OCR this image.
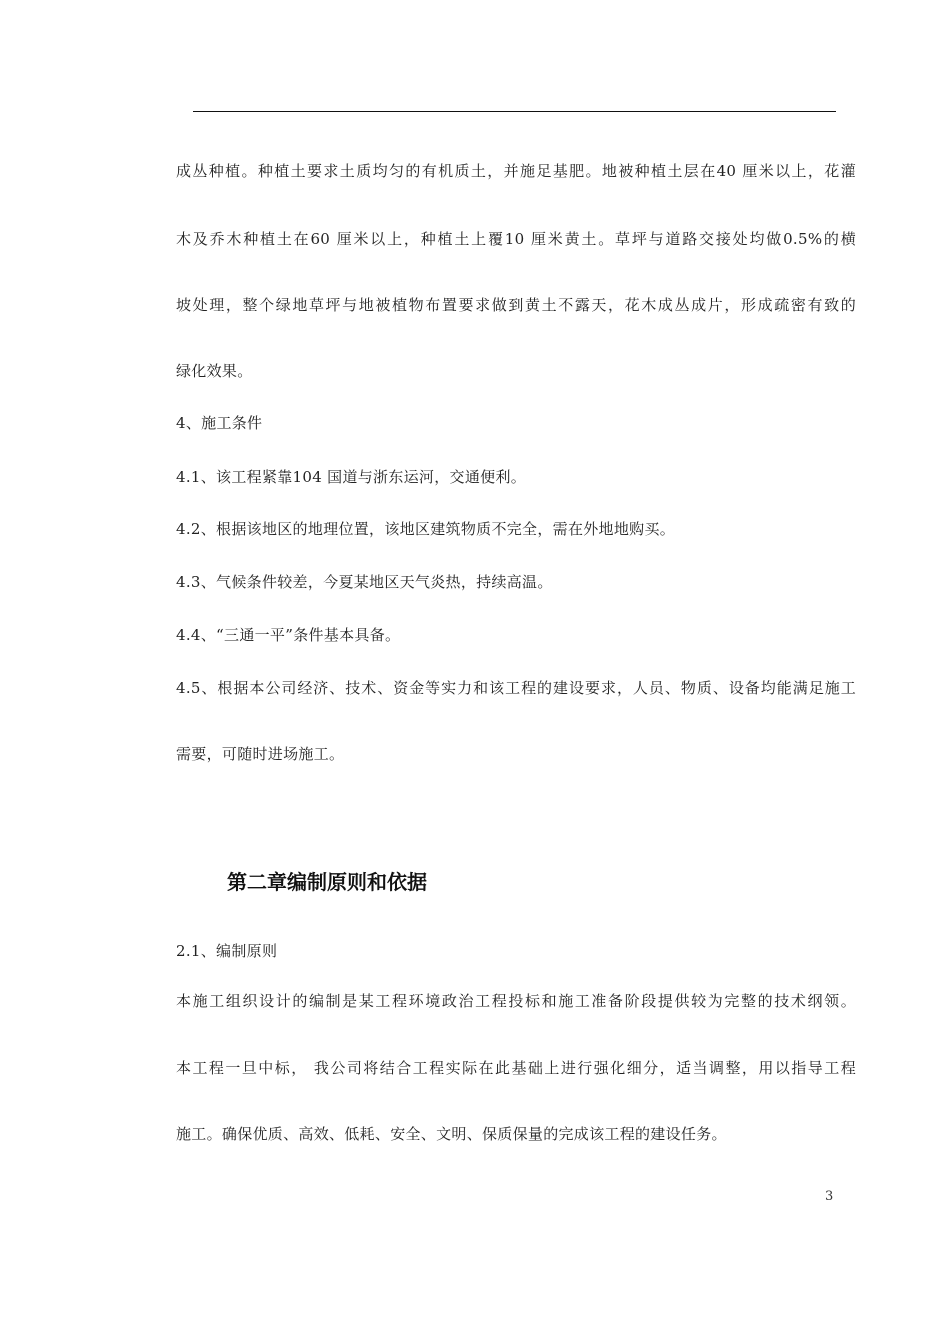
成丛种植。种植土要求土质均匀的有机质土，并施足基肥。地被种植土层在40 厘米以上，花灌
木及乔木种植土在60 厘米以上，种植土上覆10 厘米黄土。草坪与道路交接处均做0.5%的横
坡处理，整个绿地草坪与地被植物布置要求做到黄土不露天，花木成丛成片，形成疏密有致的
绿化效果。
4、施工条件
4.1、该工程紧靠104 国道与浙东运河，交通便利。
4.2、根据该地区的地理位置，该地区建筑物质不完全，需在外地地购买。
4.3、气候条件较差，今夏某地区天气炎热，持续高温。
4.4、“三通一平”条件基本具备。
4.5、根据本公司经济、技术、资金等实力和该工程的建设要求，人员、物质、设备均能满足施工
需要，可随时进场施工。
第二章编制原则和依据
2.1、编制原则
本施工组织设计的编制是某工程环境政治工程投标和施工准备阶段提供较为完整的技术纲领。
本工程一旦中标， 我公司将结合工程实际在此基础上进行强化细分，适当调整，用以指导工程
施工。确保优质、高效、低耗、安全、文明、保质保量的完成该工程的建设任务。
3
